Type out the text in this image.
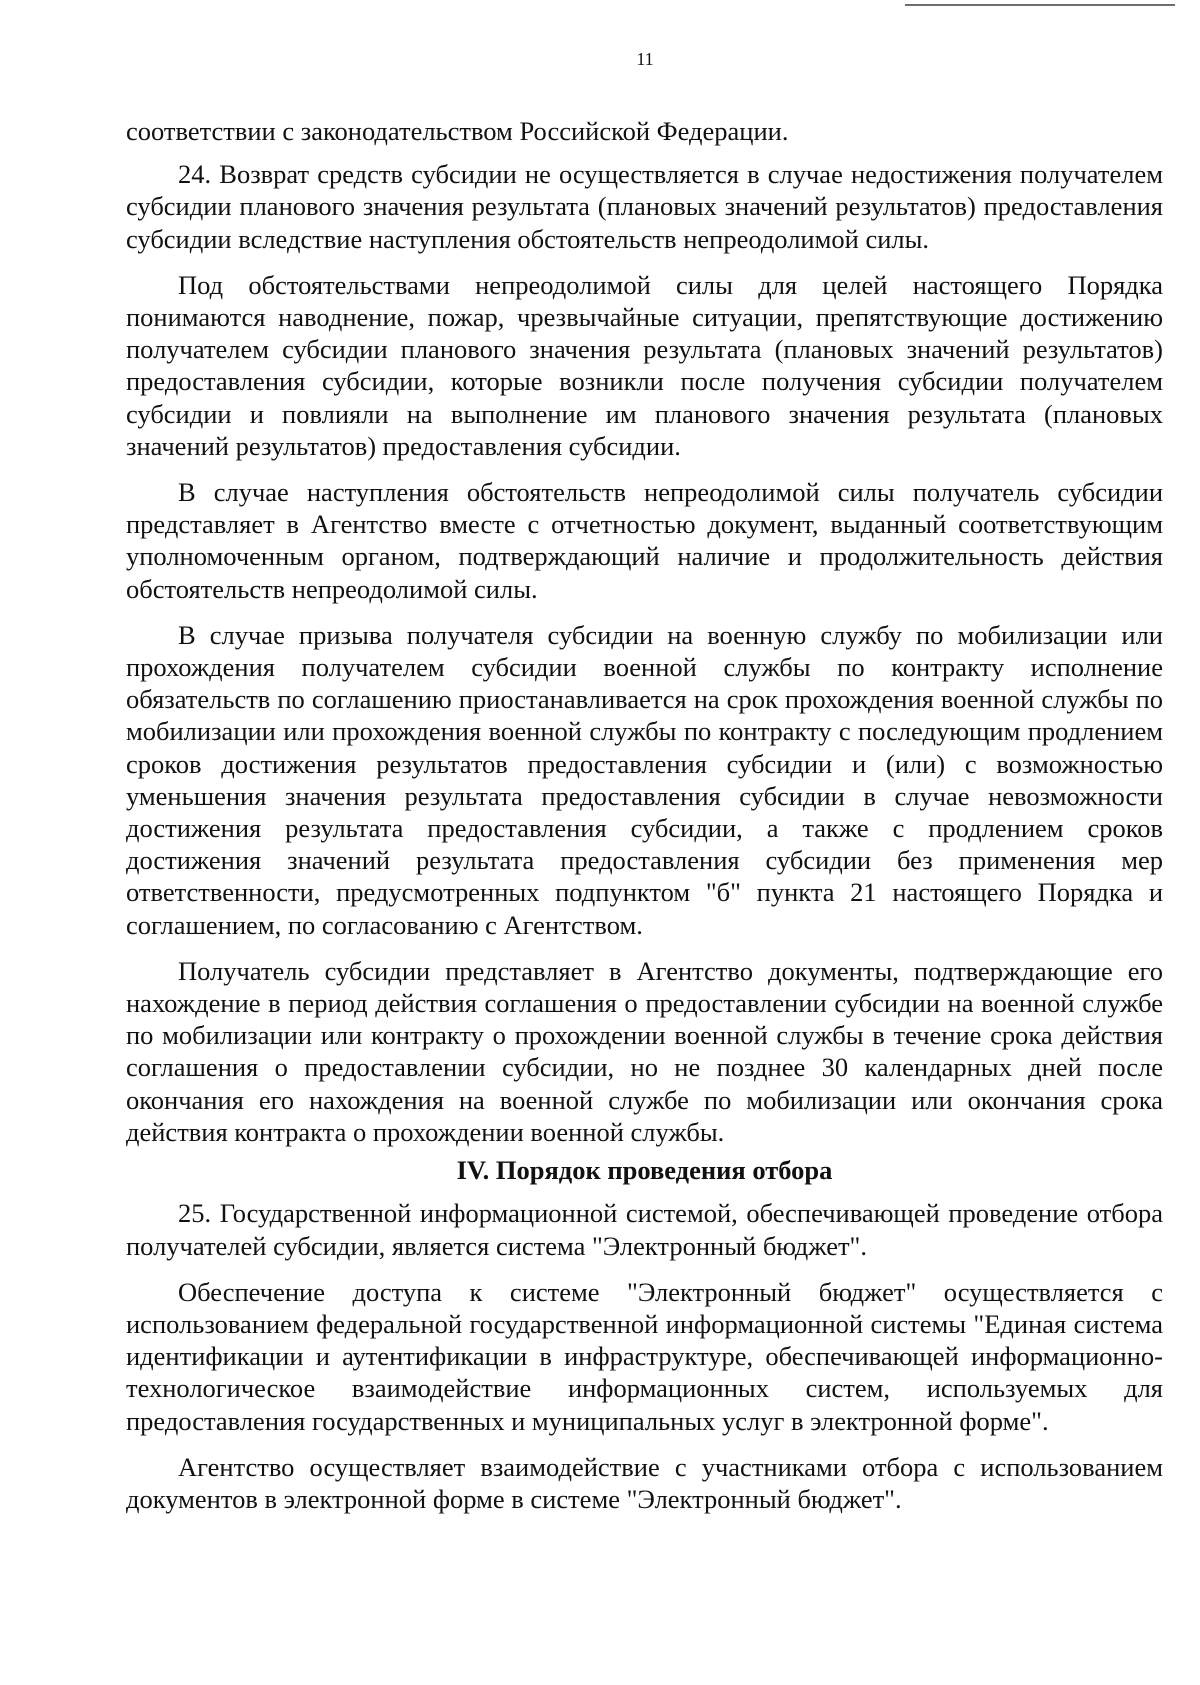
11

соответствии с законодательством Российской Федерации.

24. Возврат средств субсидии не осуществляется в случае недостижения получателем субсидии планового значения результата (плановых значений результатов) предоставления субсидии вследствие наступления обстоятельств непреодолимой силы.

Под обстоятельствами непреодолимой силы для целей настоящего Порядка понимаются наводнение, пожар, чрезвычайные ситуации, препятствующие достижению получателем субсидии планового значения результата (плановых значений результатов) предоставления субсидии, которые возникли после получения субсидии получателем субсидии и повлияли на выполнение им планового значения результата (плановых значений результатов) предоставления субсидии.

В случае наступления обстоятельств непреодолимой силы получатель субсидии представляет в Агентство вместе с отчетностью документ, выданный соответствующим уполномоченным органом, подтверждающий наличие и продолжительность действия обстоятельств непреодолимой силы.

В случае призыва получателя субсидии на военную службу по мобилизации или прохождения получателем субсидии военной службы по контракту исполнение обязательств по соглашению приостанавливается на срок прохождения военной службы по мобилизации или прохождения военной службы по контракту с последующим продлением сроков достижения результатов предоставления субсидии и (или) с возможностью уменьшения значения результата предоставления субсидии в случае невозможности достижения результата предоставления субсидии, а также с продлением сроков достижения значений результата предоставления субсидии без применения мер ответственности, предусмотренных подпунктом "б" пункта 21 настоящего Порядка и соглашением, по согласованию с Агентством.

Получатель субсидии представляет в Агентство документы, подтверждающие его нахождение в период действия соглашения о предоставлении субсидии на военной службе по мобилизации или контракту о прохождении военной службы в течение срока действия соглашения о предоставлении субсидии, но не позднее 30 календарных дней после окончания его нахождения на военной службе по мобилизации или окончания срока действия контракта о прохождении военной службы.

IV. Порядок проведения отбора

25. Государственной информационной системой, обеспечивающей проведение отбора получателей субсидии, является система "Электронный бюджет".

Обеспечение доступа к системе "Электронный бюджет" осуществляется с использованием федеральной государственной информационной системы "Единая система идентификации и аутентификации в инфраструктуре, обеспечивающей информационно-технологическое взаимодействие информационных систем, используемых для предоставления государственных и муниципальных услуг в электронной форме".

Агентство осуществляет взаимодействие с участниками отбора с использованием документов в электронной форме в системе "Электронный бюджет".
